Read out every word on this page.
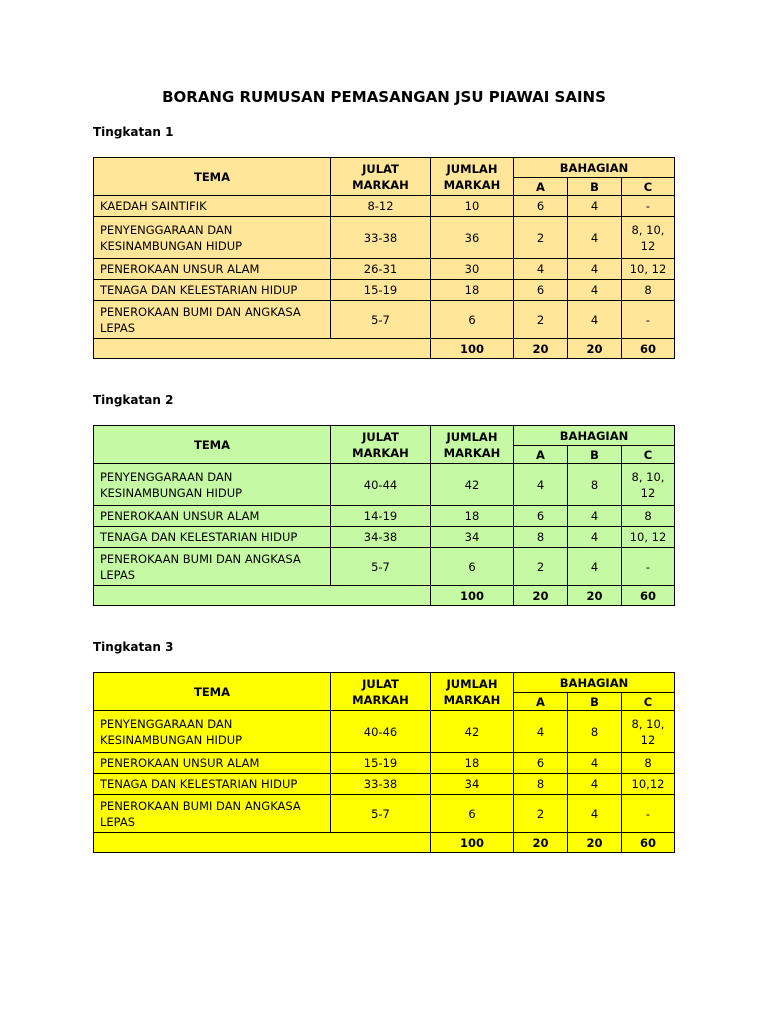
BORANG RUMUSAN PEMASANGAN JSU PIAWAI SAINS
Tingkatan 1
TEMA	JULAT MARKAH	JUMLAH MARKAH	BAHAGIAN		
			A	B	C
KAEDAH SAINTIFIK	8-12	10	6	4	-
PENYENGGARAAN DAN KESINAMBUNGAN HIDUP	33-38	36	2	4	8, 10, 12
PENEROKAAN UNSUR ALAM	26-31	30	4	4	10, 12
TENAGA DAN KELESTARIAN HIDUP	15-19	18	6	4	8
PENEROKAAN BUMI DAN ANGKASA LEPAS	5-7	6	2	4	-
		100	20	20	60
Tingkatan 2
TEMA	JULAT MARKAH	JUMLAH MARKAH	BAHAGIAN		
			A	B	C
PENYENGGARAAN DAN KESINAMBUNGAN HIDUP	40-44	42	4	8	8, 10, 12
PENEROKAAN UNSUR ALAM	14-19	18	6	4	8
TENAGA DAN KELESTARIAN HIDUP	34-38	34	8	4	10, 12
PENEROKAAN BUMI DAN ANGKASA LEPAS	5-7	6	2	4	-
		100	20	20	60
Tingkatan 3
TEMA	JULAT MARKAH	JUMLAH MARKAH	BAHAGIAN		
			A	B	C
PENYENGGARAAN DAN KESINAMBUNGAN HIDUP	40-46	42	4	8	8, 10, 12
PENEROKAAN UNSUR ALAM	15-19	18	6	4	8
TENAGA DAN KELESTARIAN HIDUP	33-38	34	8	4	10,12
PENEROKAAN BUMI DAN ANGKASA LEPAS	5-7	6	2	4	-
		100	20	20	60
